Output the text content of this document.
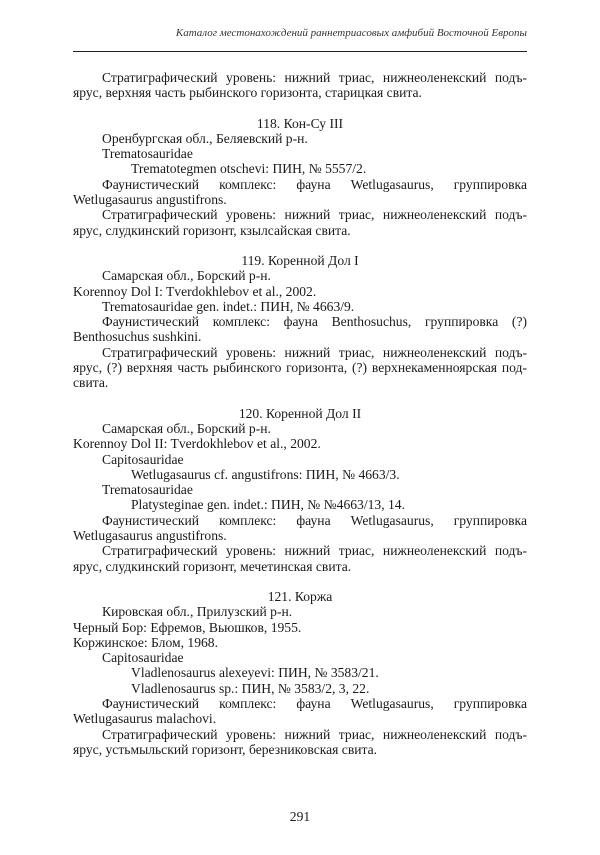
Каталог местонахождений раннетриасовых амфибий Восточной Европы
Стратиграфический уровень: нижний триас, нижнеоленекский подъ-
ярус, верхняя часть рыбинского горизонта, старицкая свита.
118. Кон-Су III
Оренбургская обл., Беляевский р-н.
Trematosauridae
Trematotegmen otschevi: ПИН, № 5557/2.
Фаунистический комплекс: фауна Wetlugasaurus, группировка
Wetlugasaurus angustifrons.
Стратиграфический уровень: нижний триас, нижнеоленекский подъ-
ярус, слудкинский горизонт, кзылсайская свита.
119. Коренной Дол I
Самарская обл., Борский р-н.
Korennoy Dol I: Tverdokhlebov et al., 2002.
Trematosauridae gen. indet.: ПИН, № 4663/9.
Фаунистический комплекс: фауна Benthosuchus, группировка (?)
Benthosuchus sushkini.
Стратиграфический уровень: нижний триас, нижнеоленекский подъ-
ярус, (?) верхняя часть рыбинского горизонта, (?) верхнекаменноярская под-
свита.
120. Коренной Дол II
Самарская обл., Борский р-н.
Korennoy Dol II: Tverdokhlebov et al., 2002.
Capitosauridae
Wetlugasaurus cf. angustifrons: ПИН, № 4663/3.
Trematosauridae
Platysteginae gen. indet.: ПИН, № №4663/13, 14.
Фаунистический комплекс: фауна Wetlugasaurus, группировка
Wetlugasaurus angustifrons.
Стратиграфический уровень: нижний триас, нижнеоленекский подъ-
ярус, слудкинский горизонт, мечетинская свита.
121. Коржа
Кировская обл., Прилузский р-н.
Черный Бор: Ефремов, Вьюшков, 1955.
Коржинское: Блом, 1968.
Capitosauridae
Vladlenosaurus alexeyevi: ПИН, № 3583/21.
Vladlenosaurus sp.: ПИН, № 3583/2, 3, 22.
Фаунистический комплекс: фауна Wetlugasaurus, группировка
Wetlugasaurus malachovi.
Стратиграфический уровень: нижний триас, нижнеоленекский подъ-
ярус, устьмыльский горизонт, березниковская свита.
291
